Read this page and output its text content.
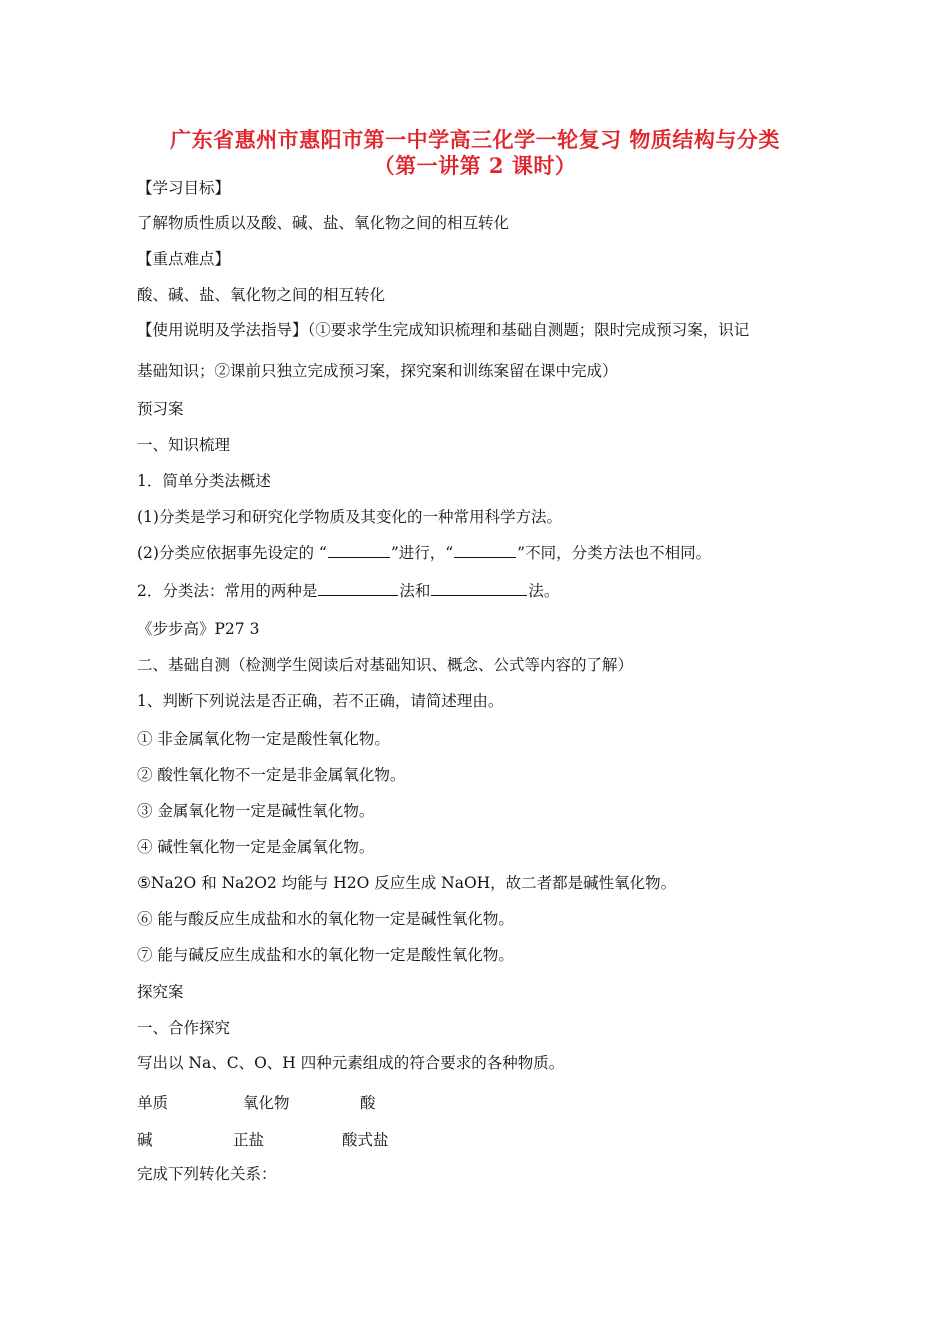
广东省惠州市惠阳市第一中学高三化学一轮复习 物质结构与分类
（第一讲第 2 课时）
【学习目标】
了解物质性质以及酸、碱、盐、氧化物之间的相互转化
【重点难点】
酸、碱、盐、氧化物之间的相互转化
【使用说明及学法指导】（①要求学生完成知识梳理和基础自测题；限时完成预习案，识记
基础知识；②课前只独立完成预习案，探究案和训练案留在课中完成）
预习案
一、知识梳理
1．简单分类法概述
(1)分类是学习和研究化学物质及其变化的一种常用科学方法。
(2)分类应依据事先设定的 “	”进行，“	”不同，分类方法也不相同。
2．分类法：常用的两种是	法和	法。
《步步高》P27 3
二、基础自测（检测学生阅读后对基础知识、概念、公式等内容的了解）
1、判断下列说法是否正确，若不正确，请简述理由。
① 非金属氧化物一定是酸性氧化物。
② 酸性氧化物不一定是非金属氧化物。
③ 金属氧化物一定是碱性氧化物。
④ 碱性氧化物一定是金属氧化物。
⑤Na2O 和 Na2O2 均能与 H2O 反应生成 NaOH，故二者都是碱性氧化物。
⑥ 能与酸反应生成盐和水的氧化物一定是碱性氧化物。
⑦ 能与碱反应生成盐和水的氧化物一定是酸性氧化物。
探究案
一、合作探究
写出以 Na、C、O、H 四种元素组成的符合要求的各种物质。
单质	氧化物	酸
碱	正盐	酸式盐
完成下列转化关系：
